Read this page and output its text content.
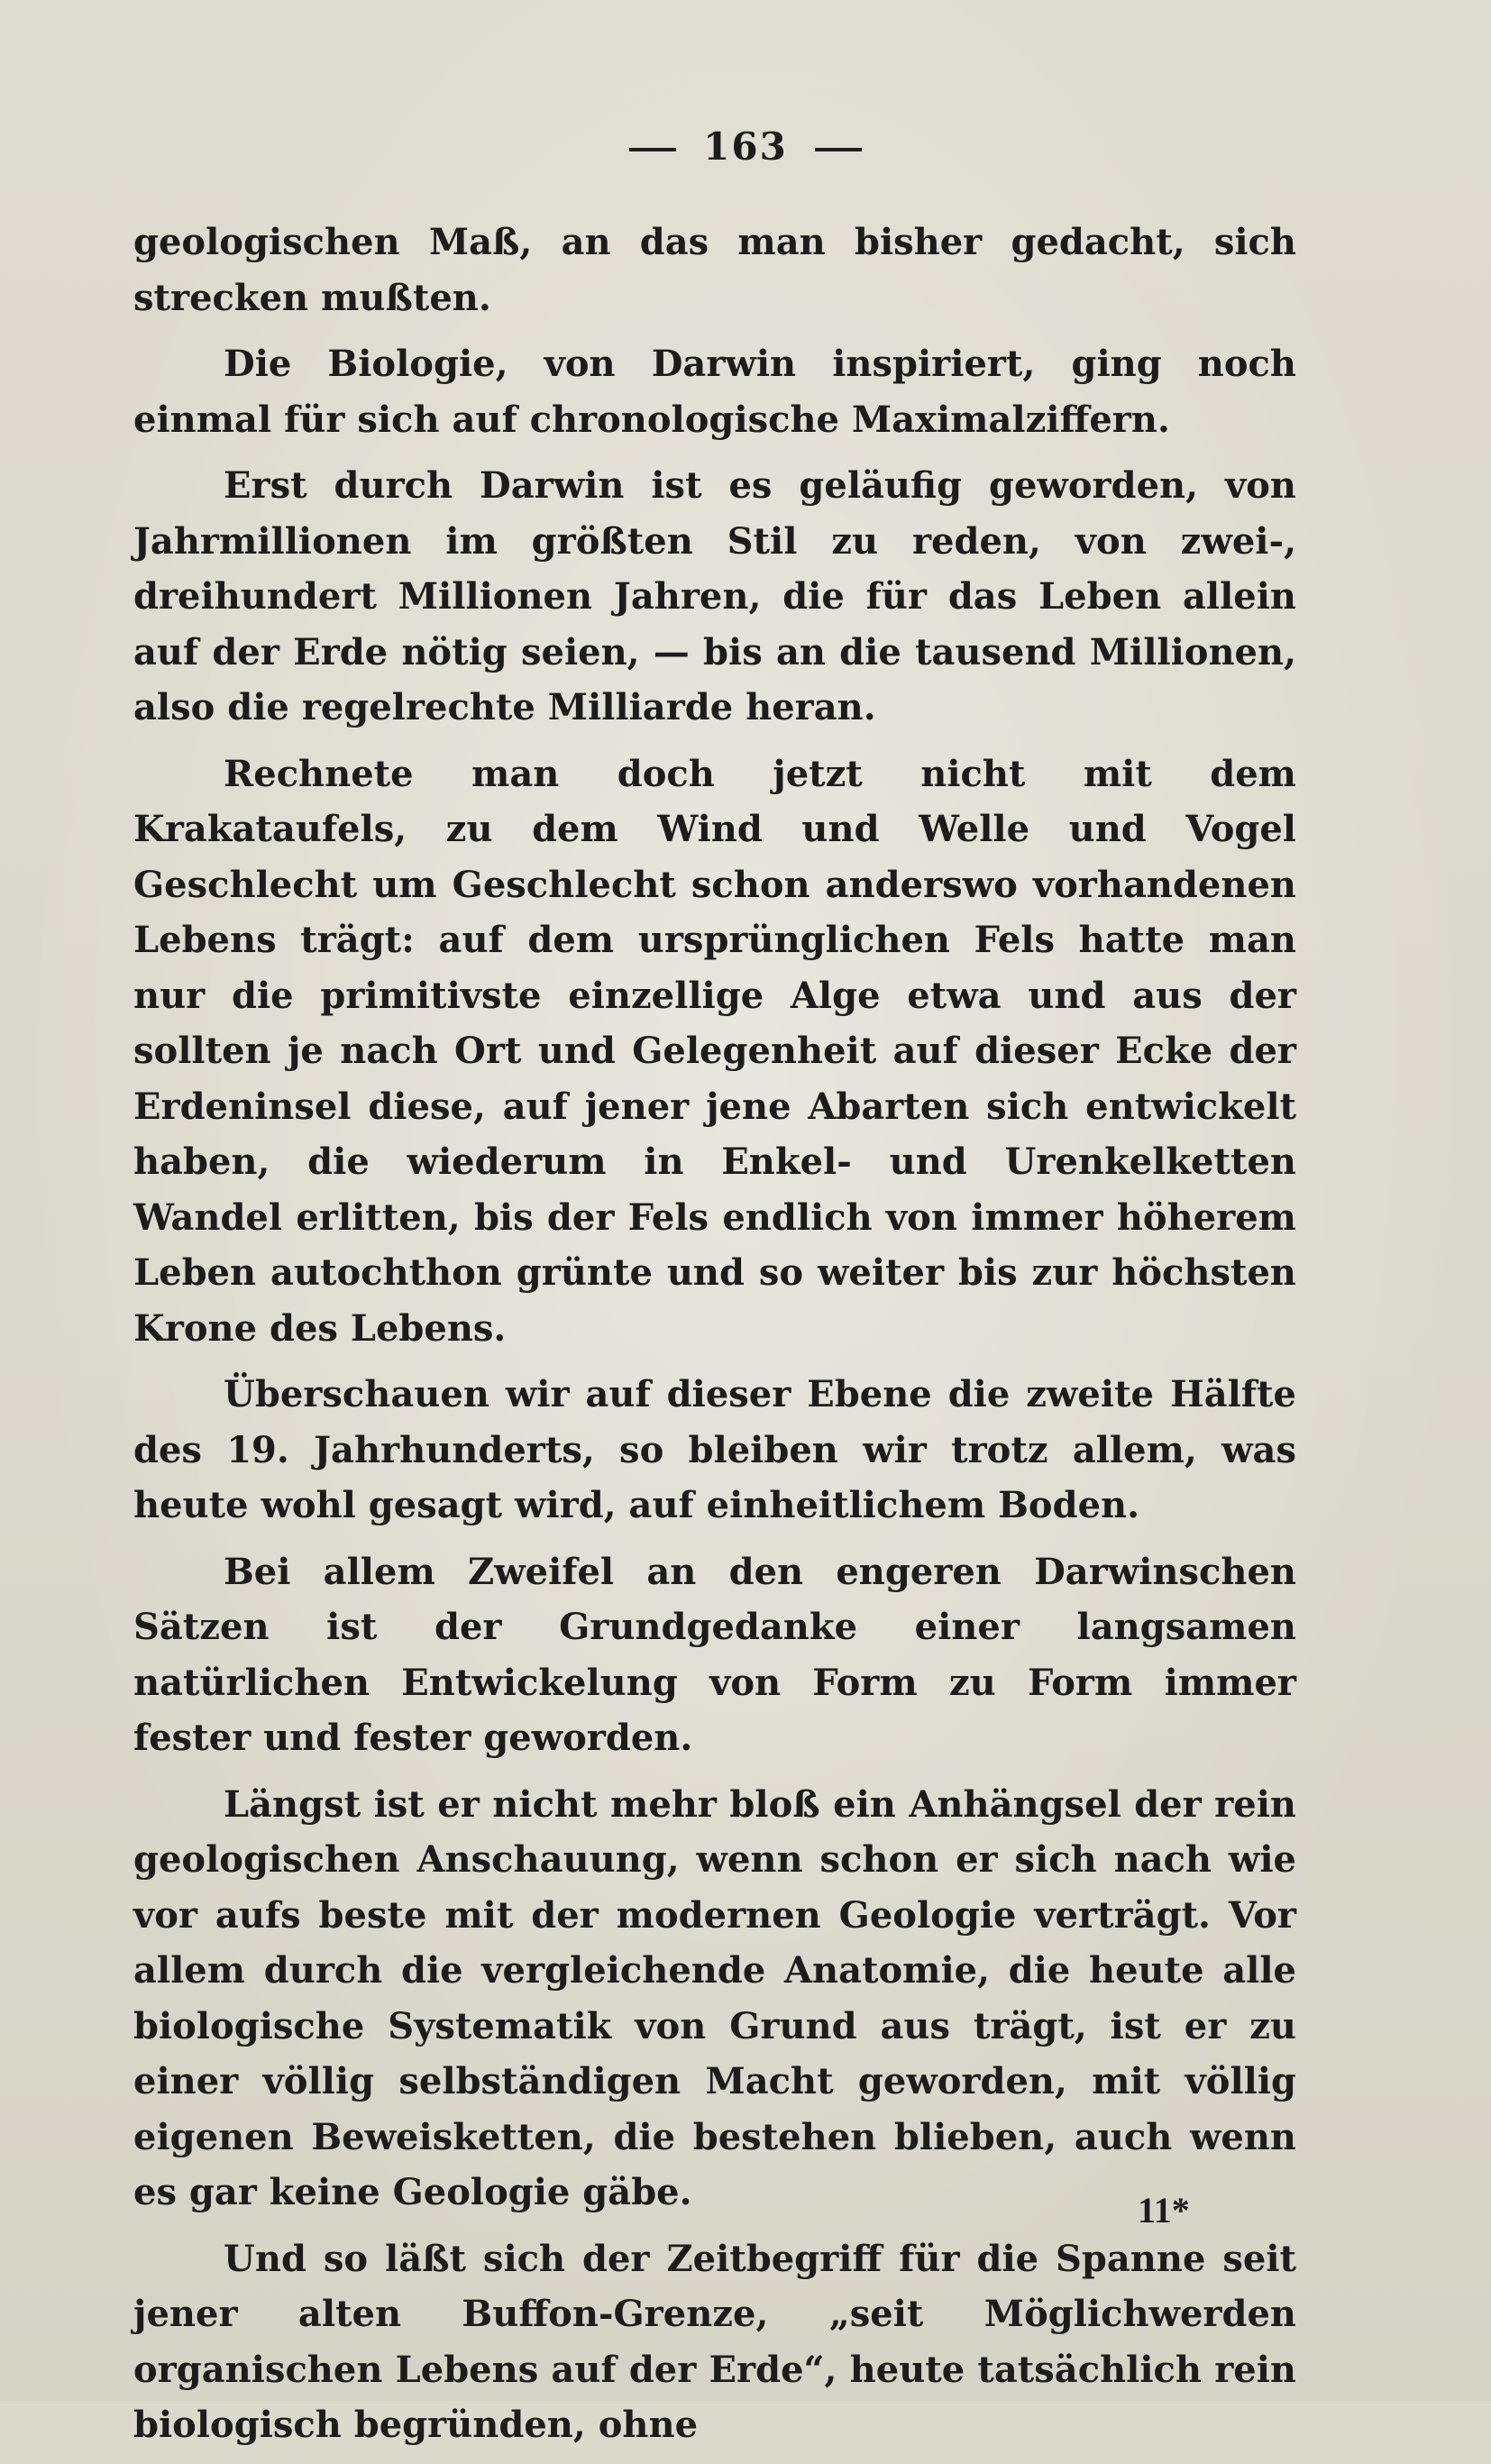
163

geologischen Maß, an das man bisher gedacht, sich strecken mußten.

Die Biologie, von Darwin inspiriert, ging noch einmal für sich auf chronologische Maximalziffern.

Erst durch Darwin ist es geläufig geworden, von Jahrmillionen im größten Stil zu reden, von zwei-, dreihundert Millionen Jahren, die für das Leben allein auf der Erde nötig seien, — bis an die tausend Millionen, also die regelrechte Milliarde heran.

Rechnete man doch jetzt nicht mit dem Krakataufels, zu dem Wind und Welle und Vogel Geschlecht um Geschlecht schon anderswo vorhandenen Lebens trägt: auf dem ursprünglichen Fels hatte man nur die primitivste einzellige Alge etwa und aus der sollten je nach Ort und Gelegenheit auf dieser Ecke der Erdeninsel diese, auf jener jene Abarten sich entwickelt haben, die wiederum in Enkel- und Urenkelketten Wandel erlitten, bis der Fels endlich von immer höherem Leben autochthon grünte und so weiter bis zur höchsten Krone des Lebens.

Überschauen wir auf dieser Ebene die zweite Hälfte des 19. Jahrhunderts, so bleiben wir trotz allem, was heute wohl gesagt wird, auf einheitlichem Boden.

Bei allem Zweifel an den engeren Darwinschen Sätzen ist der Grundgedanke einer langsamen natürlichen Entwickelung von Form zu Form immer fester und fester geworden.

Längst ist er nicht mehr bloß ein Anhängsel der rein geologischen Anschauung, wenn schon er sich nach wie vor aufs beste mit der modernen Geologie verträgt. Vor allem durch die vergleichende Anatomie, die heute alle biologische Systematik von Grund aus trägt, ist er zu einer völlig selbständigen Macht geworden, mit völlig eigenen Beweisketten, die bestehen blieben, auch wenn es gar keine Geologie gäbe.

Und so läßt sich der Zeitbegriff für die Spanne seit jener alten Buffon-Grenze, „seit Möglichwerden organischen Lebens auf der Erde“, heute tatsächlich rein biologisch begründen, ohne

11*
